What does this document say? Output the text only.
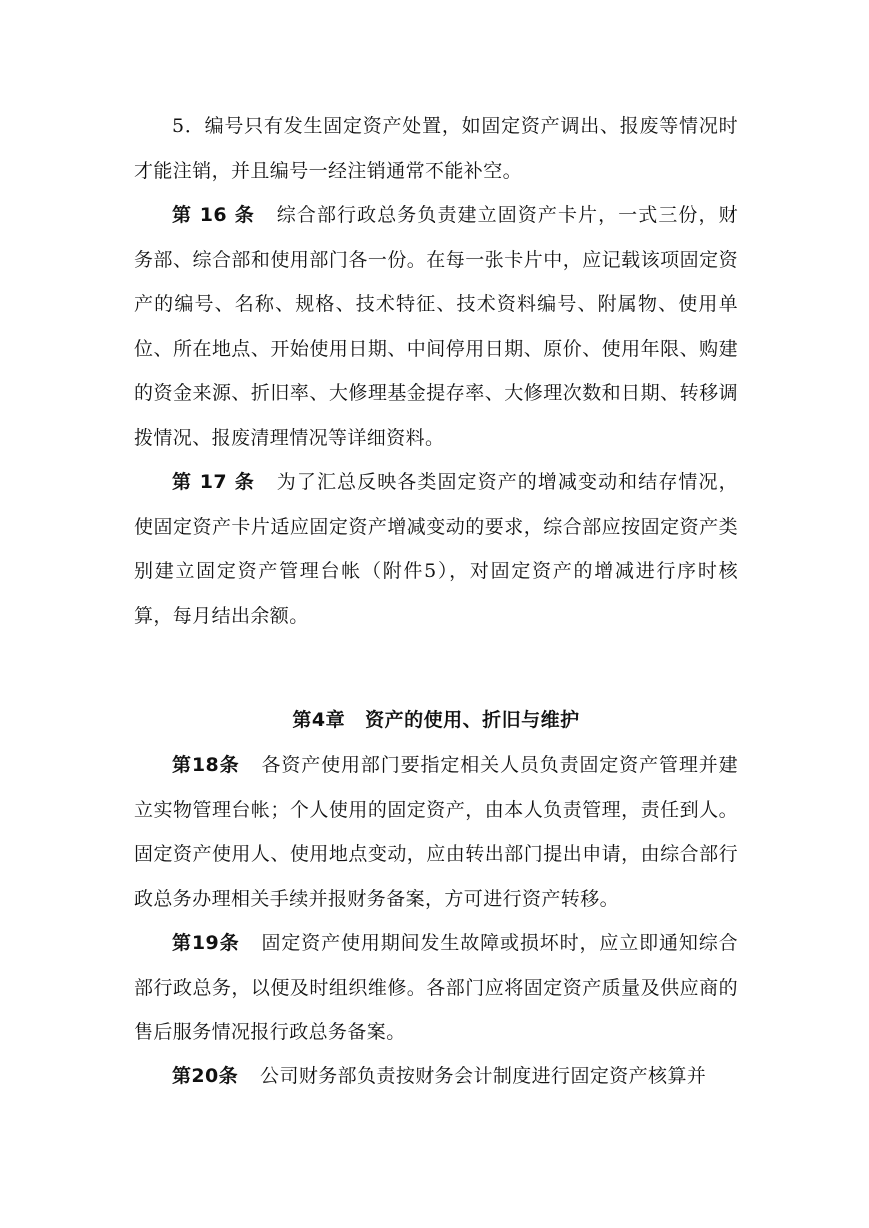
5．编号只有发生固定资产处置，如固定资产调出、报废等情况时才能注销，并且编号一经注销通常不能补空。

第 16 条 综合部行政总务负责建立固资产卡片，一式三份，财务部、综合部和使用部门各一份。在每一张卡片中，应记载该项固定资产的编号、名称、规格、技术特征、技术资料编号、附属物、使用单位、所在地点、开始使用日期、中间停用日期、原价、使用年限、购建的资金来源、折旧率、大修理基金提存率、大修理次数和日期、转移调拨情况、报废清理情况等详细资料。

第 17 条 为了汇总反映各类固定资产的增减变动和结存情况，使固定资产卡片适应固定资产增减变动的要求，综合部应按固定资产类别建立固定资产管理台帐（附件5），对固定资产的增减进行序时核算，每月结出余额。

第4章 资产的使用、折旧与维护

第18条 各资产使用部门要指定相关人员负责固定资产管理并建立实物管理台帐；个人使用的固定资产，由本人负责管理，责任到人。固定资产使用人、使用地点变动，应由转出部门提出申请，由综合部行政总务办理相关手续并报财务备案，方可进行资产转移。

第19条 固定资产使用期间发生故障或损坏时，应立即通知综合部行政总务，以便及时组织维修。各部门应将固定资产质量及供应商的售后服务情况报行政总务备案。

第20条 公司财务部负责按财务会计制度进行固定资产核算并
